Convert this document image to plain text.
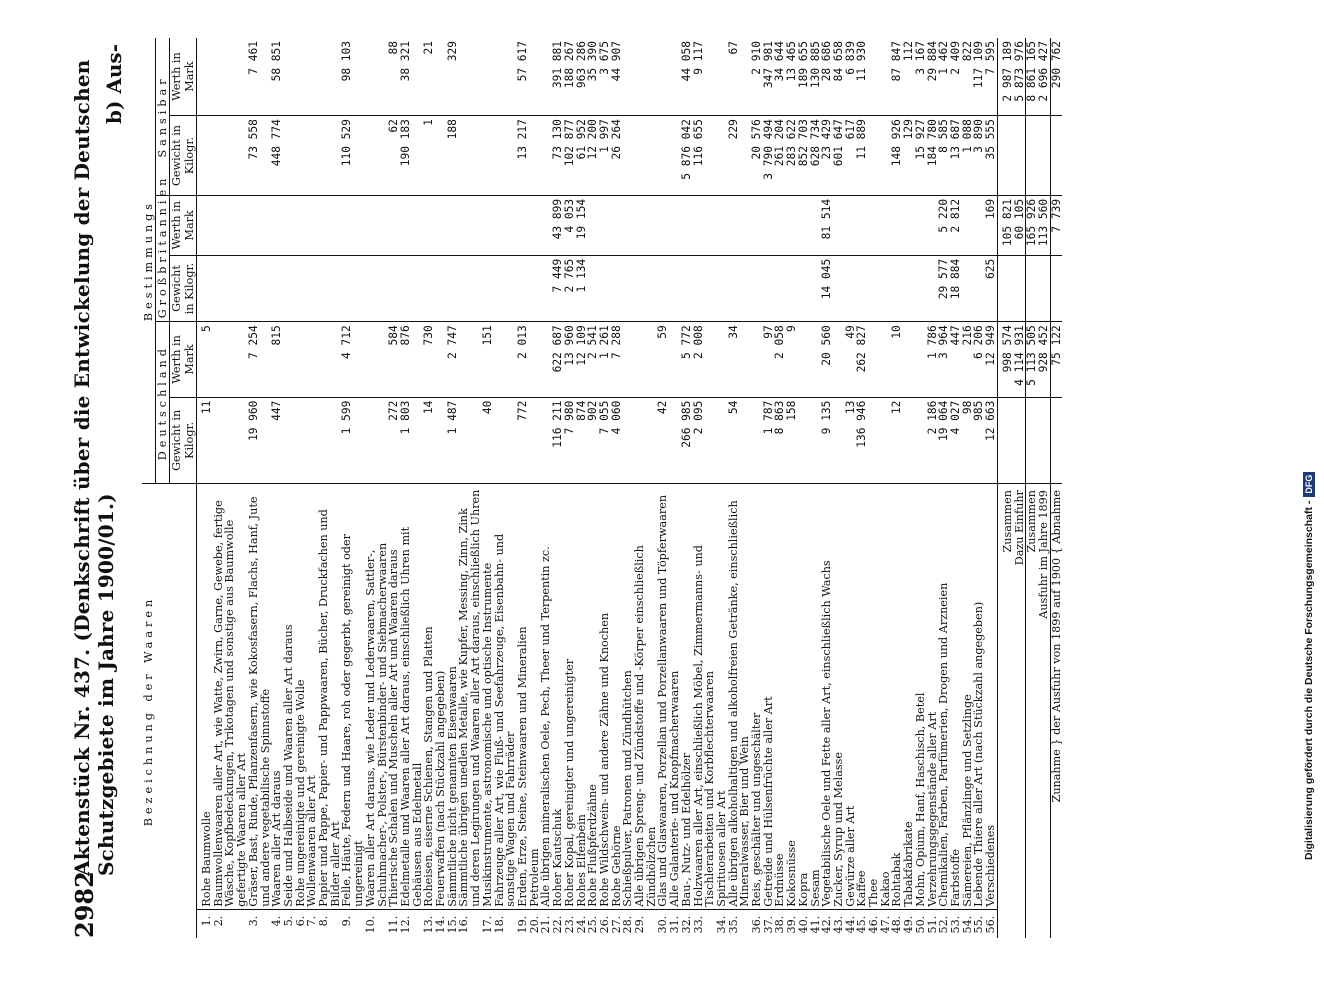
2982
Aktenstück Nr. 437. (Denkschrift über die Entwickelung der Deutschen Schutzgebiete im Jahre 1900/01.)
b) Aus-
Bezeichnung der Waaren		Bestimmungs					
		Deutschland		Großbritannien		Sansibar	
		Gewicht in Kilogr.	Werth in Mark	Gewicht in Kilogr.	Werth in Mark	Gewicht in Kilogr.	Werth in Mark
1.	Rohe Baumwolle	11	5				
2.	Baumwollenwaaren aller Art, wie Watte, Zwirn, Garne, Gewebe, fertige Wäsche, Kopfbedeckungen, Trikotagen und sonstige aus Baumwolle gefertigte Waaren aller Art						
3.	Gräser, Bast, Rinde, Pflanzenfasern, wie Kokosfasern, Flachs, Hanf, Jute und andere vegetabilische Spinnstoffe	19 960	7 254			73 558	7 461
4.	Waaren aller Art daraus	447	815			448 774	58 851
5.	Seide und Halbseide und Waaren aller Art daraus						
6.	Rohe ungereinigte und gereinigte Wolle						
7.	Wollenwaaren aller Art						
8.	Papier und Pappe, Papier- und Pappwaaren, Bücher, Druckfachen und Bilder aller Art						
9.	Felle, Häute, Federn und Haare, roh oder gegerbt, gereinigt oder ungereinigt	1 599	4 712			110 529	98 103
10.	Waaren aller Art daraus, wie Leder und Lederwaaren, Sattler-, Schuhmacher-, Polster-, Bürstenbinder- und Siebmacherwaaren						
11.	Thierische Schalen und Muscheln aller Art und Waaren daraus	272	584			62	88
12.	Edelmetalle und Waaren aller Art daraus, einschließlich Uhren mit Gehäusen aus Edelmetall	1 803	876			190 183	38 321
13.	Roheisen, eiserne Schienen, Stangen und Platten	14	730			1	21
14.	Feuerwaffen (nach Stückzahl angegeben)						
15.	Sämmtliche nicht genannten Eisenwaaren	1 487	2 747			188	329
16.	Sämmtliche übrigen unedlen Metalle, wie Kupfer, Messing, Zinn, Zink und deren Legirungen und Waaren aller Art daraus, einschließlich Uhren						
17.	Musikinstrumente, astronomische und optische Instrumente	40	151				
18.	Fahrzeuge aller Art, wie Fluß- und Seefahrzeuge, Eisenbahn- und sonstige Wagen und Fahrräder						
19.	Erden, Erze, Steine, Steinwaaren und Mineralien	772	2 013			13 217	57 617
20.	Petroleum						
21.	Alle übrigen mineralischen Oele, Pech, Theer und Terpentin zc.						
22.	Roher Kautschuk	116 211	622 687	7 449	43 899	73 130	391 881
23.	Roher Kopal, gereinigter und ungereinigter	7 980	13 960	2 765	4 053	102 877	188 267
24.	Rohes Elfenbein	874	12 109	1 134	19 154	61 952	963 286
25.	Rohe Flußpferdzähne	902	2 541			12 200	35 390
26.	Rohe Wildschwein- und andere Zähne und Knochen	7 055	1 261			1 997	3 675
27.	Rohe Gehörne	4 060	7 288			26 264	44 907
28.	Schießpulver, Patronen und Zündhütchen						
29.	Alle übrigen Spreng- und Zündstoffe und -Körper einschließlich Zündhölzchen						
30.	Glas und Glaswaaren, Porzellan und Porzellanwaaren und Töpferwaaren	42	59				
31.	Alle Galanterie- und Knopfmacherwaaren						
32.	Bau-, Nutz- und Edelhölzer	266 985	5 772			5 876 042	44 058
33.	Holzwaaren aller Art, einschließlich Möbel, Zimmermanns- und Tischlerarbeiten und Korbflechterwaaren	2 095	2 008			116 655	9 117
34.	Spirituosen aller Art						
35.	Alle übrigen alkoholhaltigen und alkoholfreien Getränke, einschließlich Mineralwasser, Bier und Wein	54	34			229	67
36.	Reis, geschälter und ungeschälter					20 576	2 910
37.	Getreide und Hülsenfrüchte aller Art	1 787	97			3 790 494	347 981
38.	Erdnüsse	8 863	2 058			261 204	34 644
39.	Kokosnüsse	158	9			283 622	13 465
40.	Kopra					852 703	189 655
41.	Sesam					628 734	130 885
42.	Vegetabilische Oele und Fette aller Art, einschließlich Wachs	9 135	20 560	14 045	81 514	23 429	28 686
43.	Zucker, Syrup und Melasse					601 647	84 658
44.	Gewürze aller Art	13	49			617	6 839
45.	Kaffee	136 946	262 827			11 889	11 930
46.	Thee						
47.	Kakao						
48.	Rohtabak	12	10			148 926	87 847
49.	Tabakfabrikate					129	112
50.	Mohn, Opium, Hanf, Haschisch, Betel					15 927	3 167
51.	Verzehrungsgegenstände aller Art	2 186	1 786			184 780	29 884
52.	Chemikalien, Farben, Parfümerien, Drogen und Arzneien	19 064	3 964	29 577	5 220	8 585	1 462
53.	Farbstoffe	4 027	447	18 884	2 812	13 687	2 409
54.	Sämereien, Pflänzlinge und Setzlinge	98	216			1 088	822
55.	Lebende Thiere aller Art (nach Stückzahl angegeben)	985	6 206			3 890	117 109
56.	Verschiedenes	12 663	12 949	625	169	35 555	7 595
Zusammen			998 574		105 821		2 987 189
Dazu Einfuhr			4 114 931		60 105		5 873 976
Zusammen			5 113 505		165 926		8 861 165
Ausfuhr im Jahre 1899			928 452		113 560		2 696 427
Zunahme } der Ausfuhr von 1899 auf 1900 { Abnahme			75 122		7 739		290 762
Digitalisierung gefördert durch die Deutsche Forschungsgemeinschaft -DFG
